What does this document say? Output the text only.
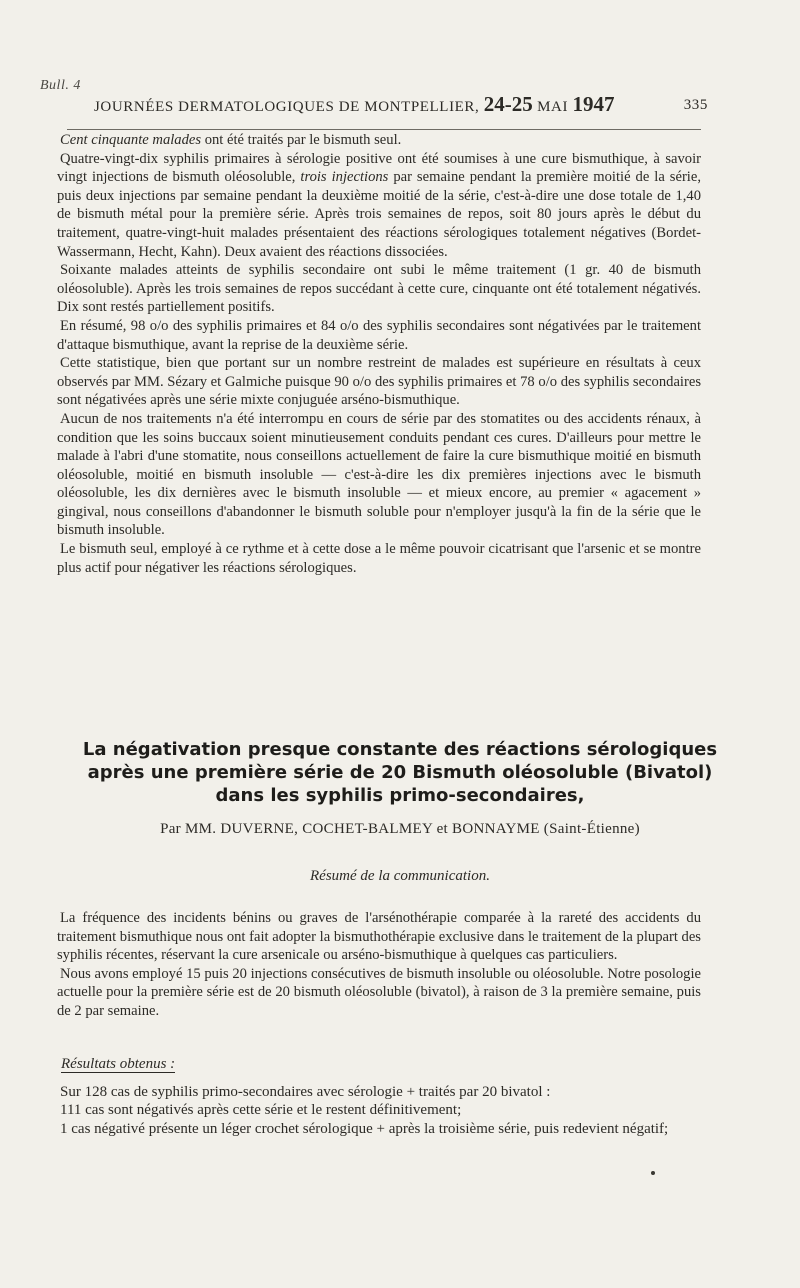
Bull. 4
JOURNÉES DERMATOLOGIQUES DE MONTPELLIER, 24-25 MAI 1947	335

Cent cinquante malades ont été traités par le bismuth seul.

Quatre-vingt-dix syphilis primaires à sérologie positive ont été soumises à une cure bismuthique, à savoir vingt injections de bismuth oléosoluble, trois injections par semaine pendant la première moitié de la série, puis deux injections par semaine pendant la deuxième moitié de la série, c'est-à-dire une dose totale de 1,40 de bismuth métal pour la première série. Après trois semaines de repos, soit 80 jours après le début du traitement, quatre-vingt-huit malades présentaient des réactions sérologiques totalement négatives (Bordet-Wassermann, Hecht, Kahn). Deux avaient des réactions dissociées.

Soixante malades atteints de syphilis secondaire ont subi le même traitement (1 gr. 40 de bismuth oléosoluble). Après les trois semaines de repos succédant à cette cure, cinquante ont été totalement négativés. Dix sont restés partiellement positifs.

En résumé, 98 o/o des syphilis primaires et 84 o/o des syphilis secondaires sont négativées par le traitement d'attaque bismuthique, avant la reprise de la deuxième série.

Cette statistique, bien que portant sur un nombre restreint de malades est supérieure en résultats à ceux observés par MM. Sézary et Galmiche puisque 90 o/o des syphilis primaires et 78 o/o des syphilis secondaires sont négativées après une série mixte conjuguée arséno-bismuthique.

Aucun de nos traitements n'a été interrompu en cours de série par des stomatites ou des accidents rénaux, à condition que les soins buccaux soient minutieusement conduits pendant ces cures. D'ailleurs pour mettre le malade à l'abri d'une stomatite, nous conseillons actuellement de faire la cure bismuthique moitié en bismuth oléosoluble, moitié en bismuth insoluble — c'est-à-dire les dix premières injections avec le bismuth oléosoluble, les dix dernières avec le bismuth insoluble — et mieux encore, au premier « agacement » gingival, nous conseillons d'abandonner le bismuth soluble pour n'employer jusqu'à la fin de la série que le bismuth insoluble.

Le bismuth seul, employé à ce rythme et à cette dose a le même pouvoir cicatrisant que l'arsenic et se montre plus actif pour négativer les réactions sérologiques.

La négativation presque constante des réactions sérologiques
après une première série de 20 Bismuth oléosoluble (Bivatol)
dans les syphilis primo-secondaires,
Par MM. DUVERNE, COCHET-BALMEY et BONNAYME (Saint-Étienne)
Résumé de la communication.

La fréquence des incidents bénins ou graves de l'arsénothérapie comparée à la rareté des accidents du traitement bismuthique nous ont fait adopter la bismuthothérapie exclusive dans le traitement de la plupart des syphilis récentes, réservant la cure arsenicale ou arséno-bismuthique à quelques cas particuliers.

Nous avons employé 15 puis 20 injections consécutives de bismuth insoluble ou oléosoluble. Notre posologie actuelle pour la première série est de 20 bismuth oléosoluble (bivatol), à raison de 3 la première semaine, puis de 2 par semaine.

Résultats obtenus :

Sur 128 cas de syphilis primo-secondaires avec sérologie + traités par 20 bivatol :

111 cas sont négativés après cette série et le restent définitivement;

1 cas négativé présente un léger crochet sérologique + après la troisième série, puis redevient négatif;
